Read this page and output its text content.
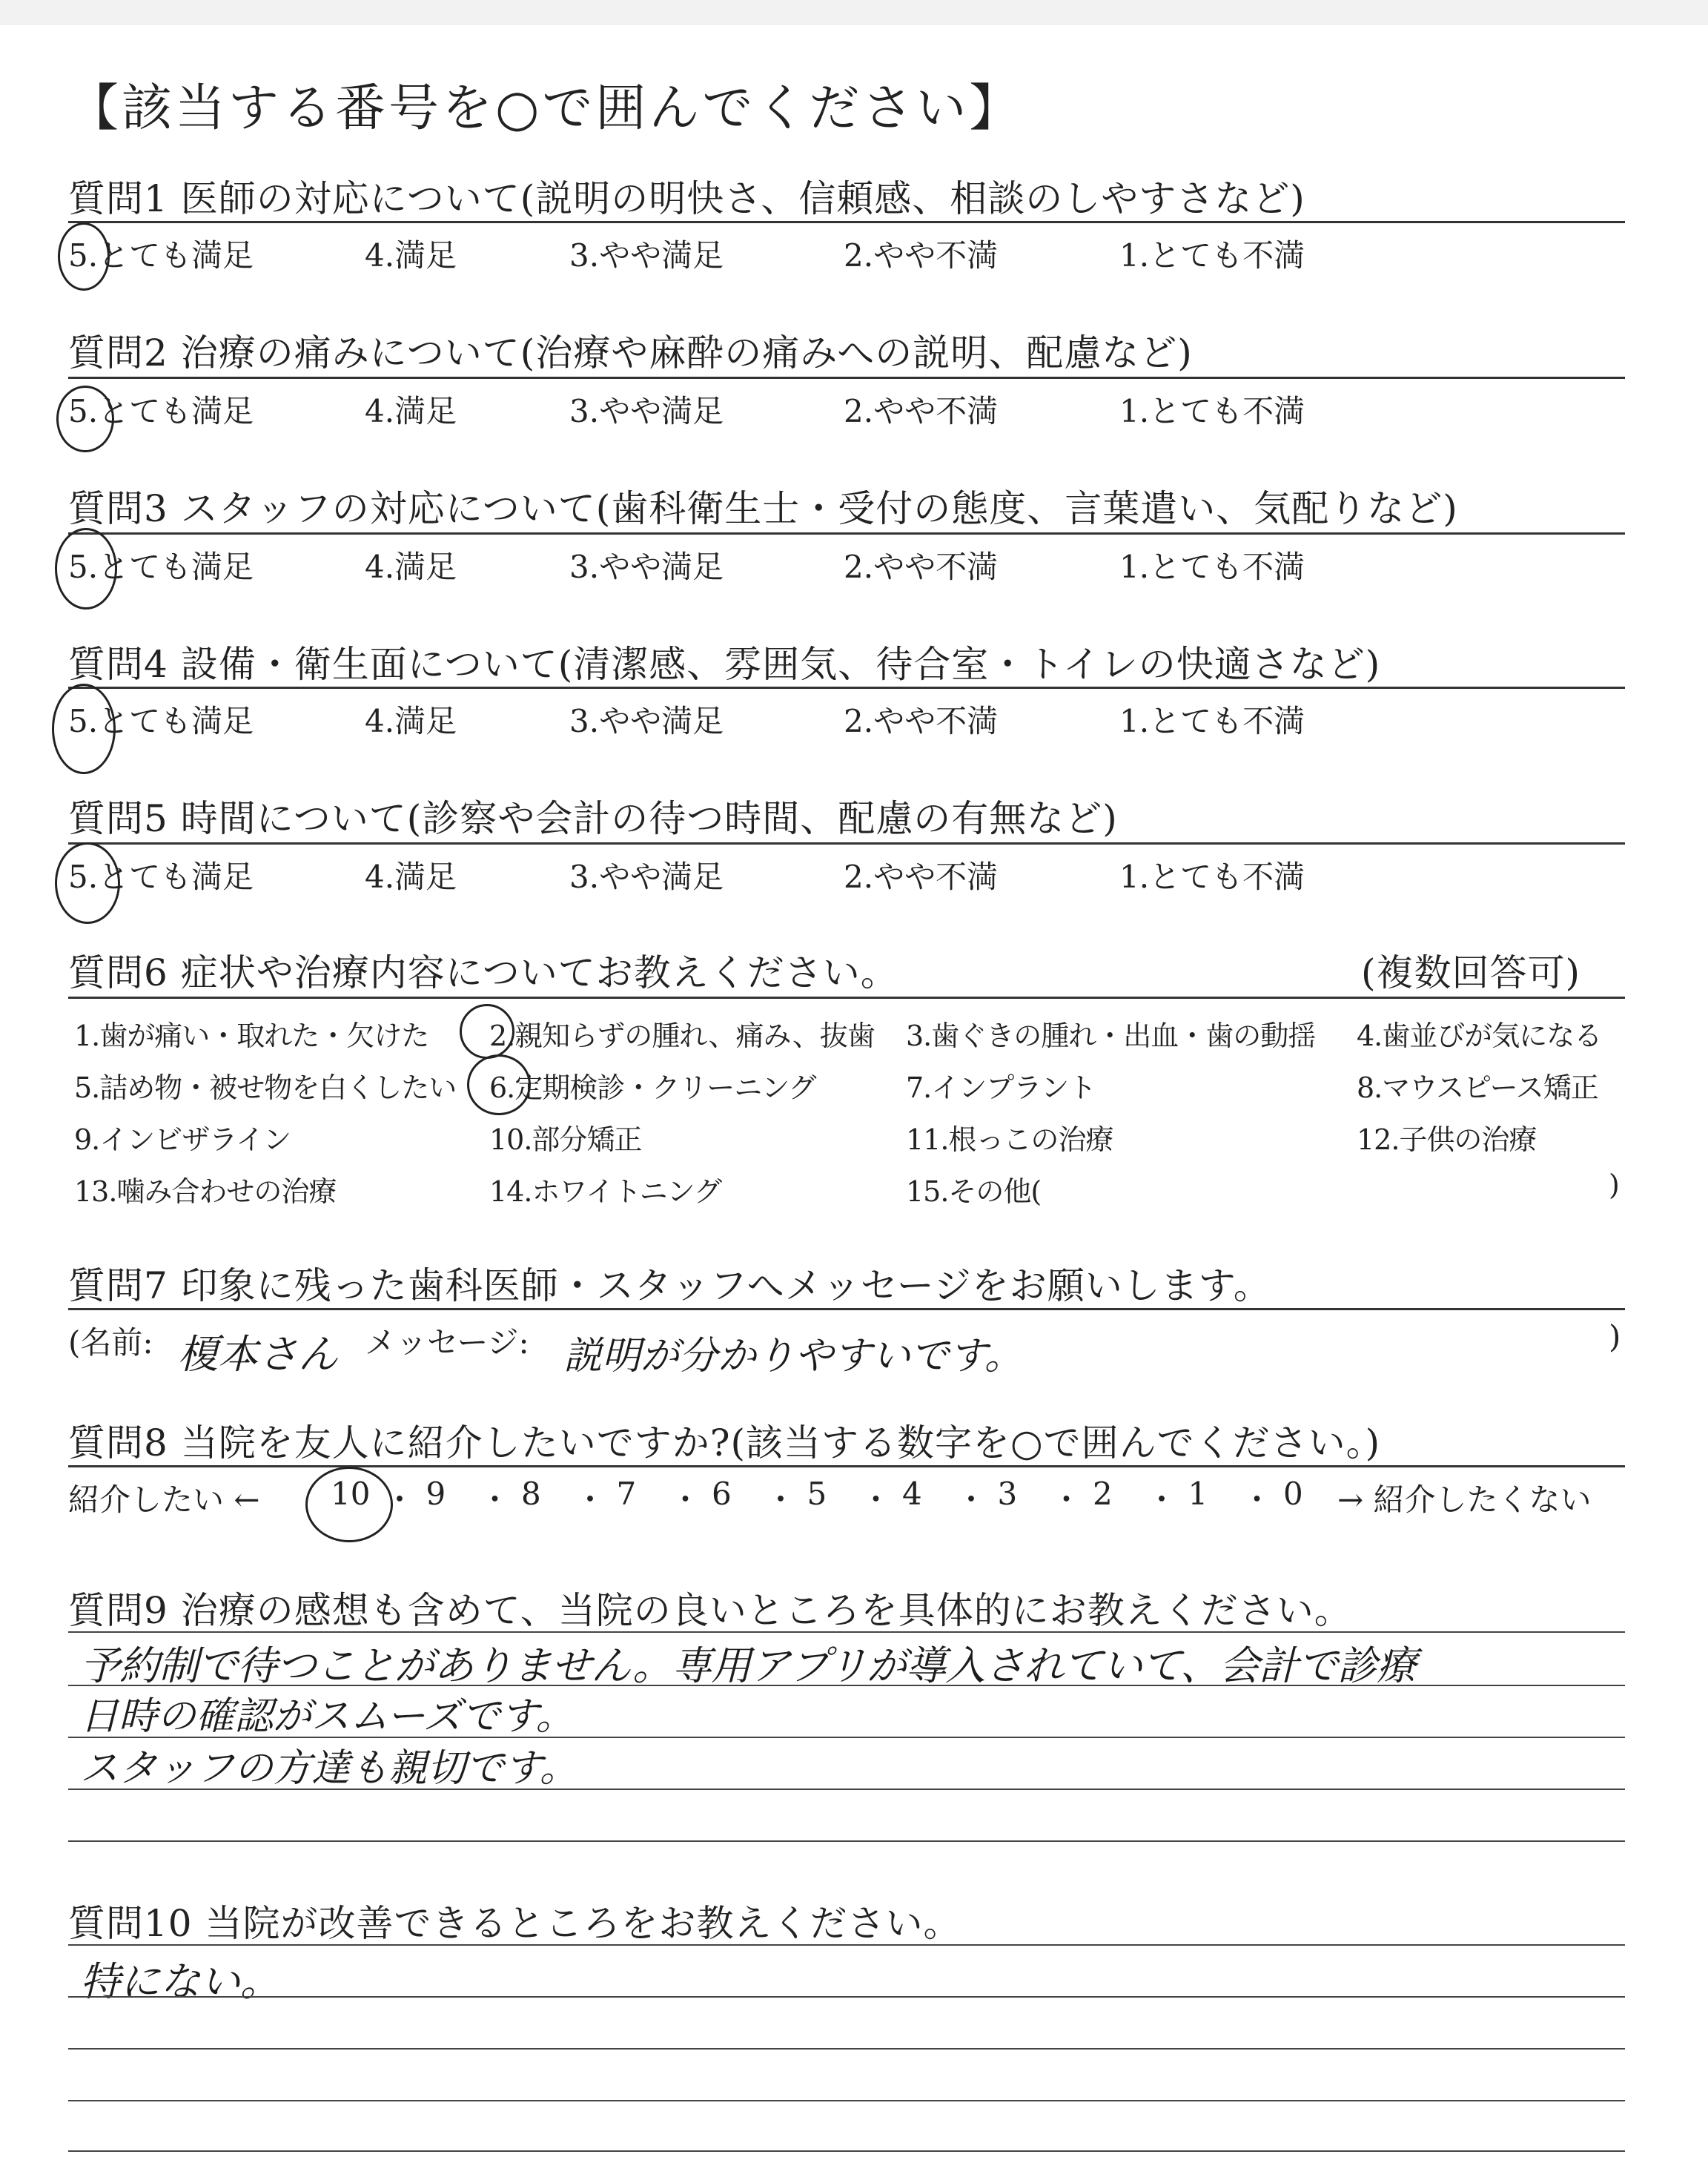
【該当する番号を○で囲んでください】
質問1 医師の対応について(説明の明快さ、信頼感、相談のしやすさなど)
5.とても満足	4.満足	3.やや満足	2.やや不満	1.とても不満
質問2 治療の痛みについて(治療や麻酔の痛みへの説明、配慮など)
5.とても満足	4.満足	3.やや満足	2.やや不満	1.とても不満
質問3 スタッフの対応について(歯科衛生士・受付の態度、言葉遣い、気配りなど)
5.とても満足	4.満足	3.やや満足	2.やや不満	1.とても不満
質問4 設備・衛生面について(清潔感、雰囲気、待合室・トイレの快適さなど)
5.とても満足	4.満足	3.やや満足	2.やや不満	1.とても不満
質問5 時間について(診察や会計の待つ時間、配慮の有無など)
5.とても満足	4.満足	3.やや満足	2.やや不満	1.とても不満
質問6 症状や治療内容についてお教えください。	(複数回答可)
1.歯が痛い・取れた・欠けた 2.親知らずの腫れ、痛み、抜歯 3.歯ぐきの腫れ・出血・歯の動揺 4.歯並びが気になる
5.詰め物・被せ物を白くしたい 6.定期検診・クリーニング	7.インプラント	8.マウスピース矯正
9.インビザライン	10.部分矯正	11.根っこの治療	12.子供の治療
13.噛み合わせの治療	14.ホワイトニング	15.その他(	)
質問7 印象に残った歯科医師・スタッフへメッセージをお願いします。
(名前: 榎本さん メッセージ: 説明が分かりやすいです。	)
質問8 当院を友人に紹介したいですか?(該当する数字を○で囲んでください。)
紹介したい ← 10 ・ 9 ・ 8 ・ 7 ・ 6 ・ 5 ・ 4 ・ 3 ・ 2 ・ 1 ・ 0 → 紹介したくない
質問9 治療の感想も含めて、当院の良いところを具体的にお教えください。
予約制で待つことがありません。専用アプリが導入されていて、会計で診療
日時の確認がスムーズです。
スタッフの方達も親切です。
質問10 当院が改善できるところをお教えください。
特にない。
